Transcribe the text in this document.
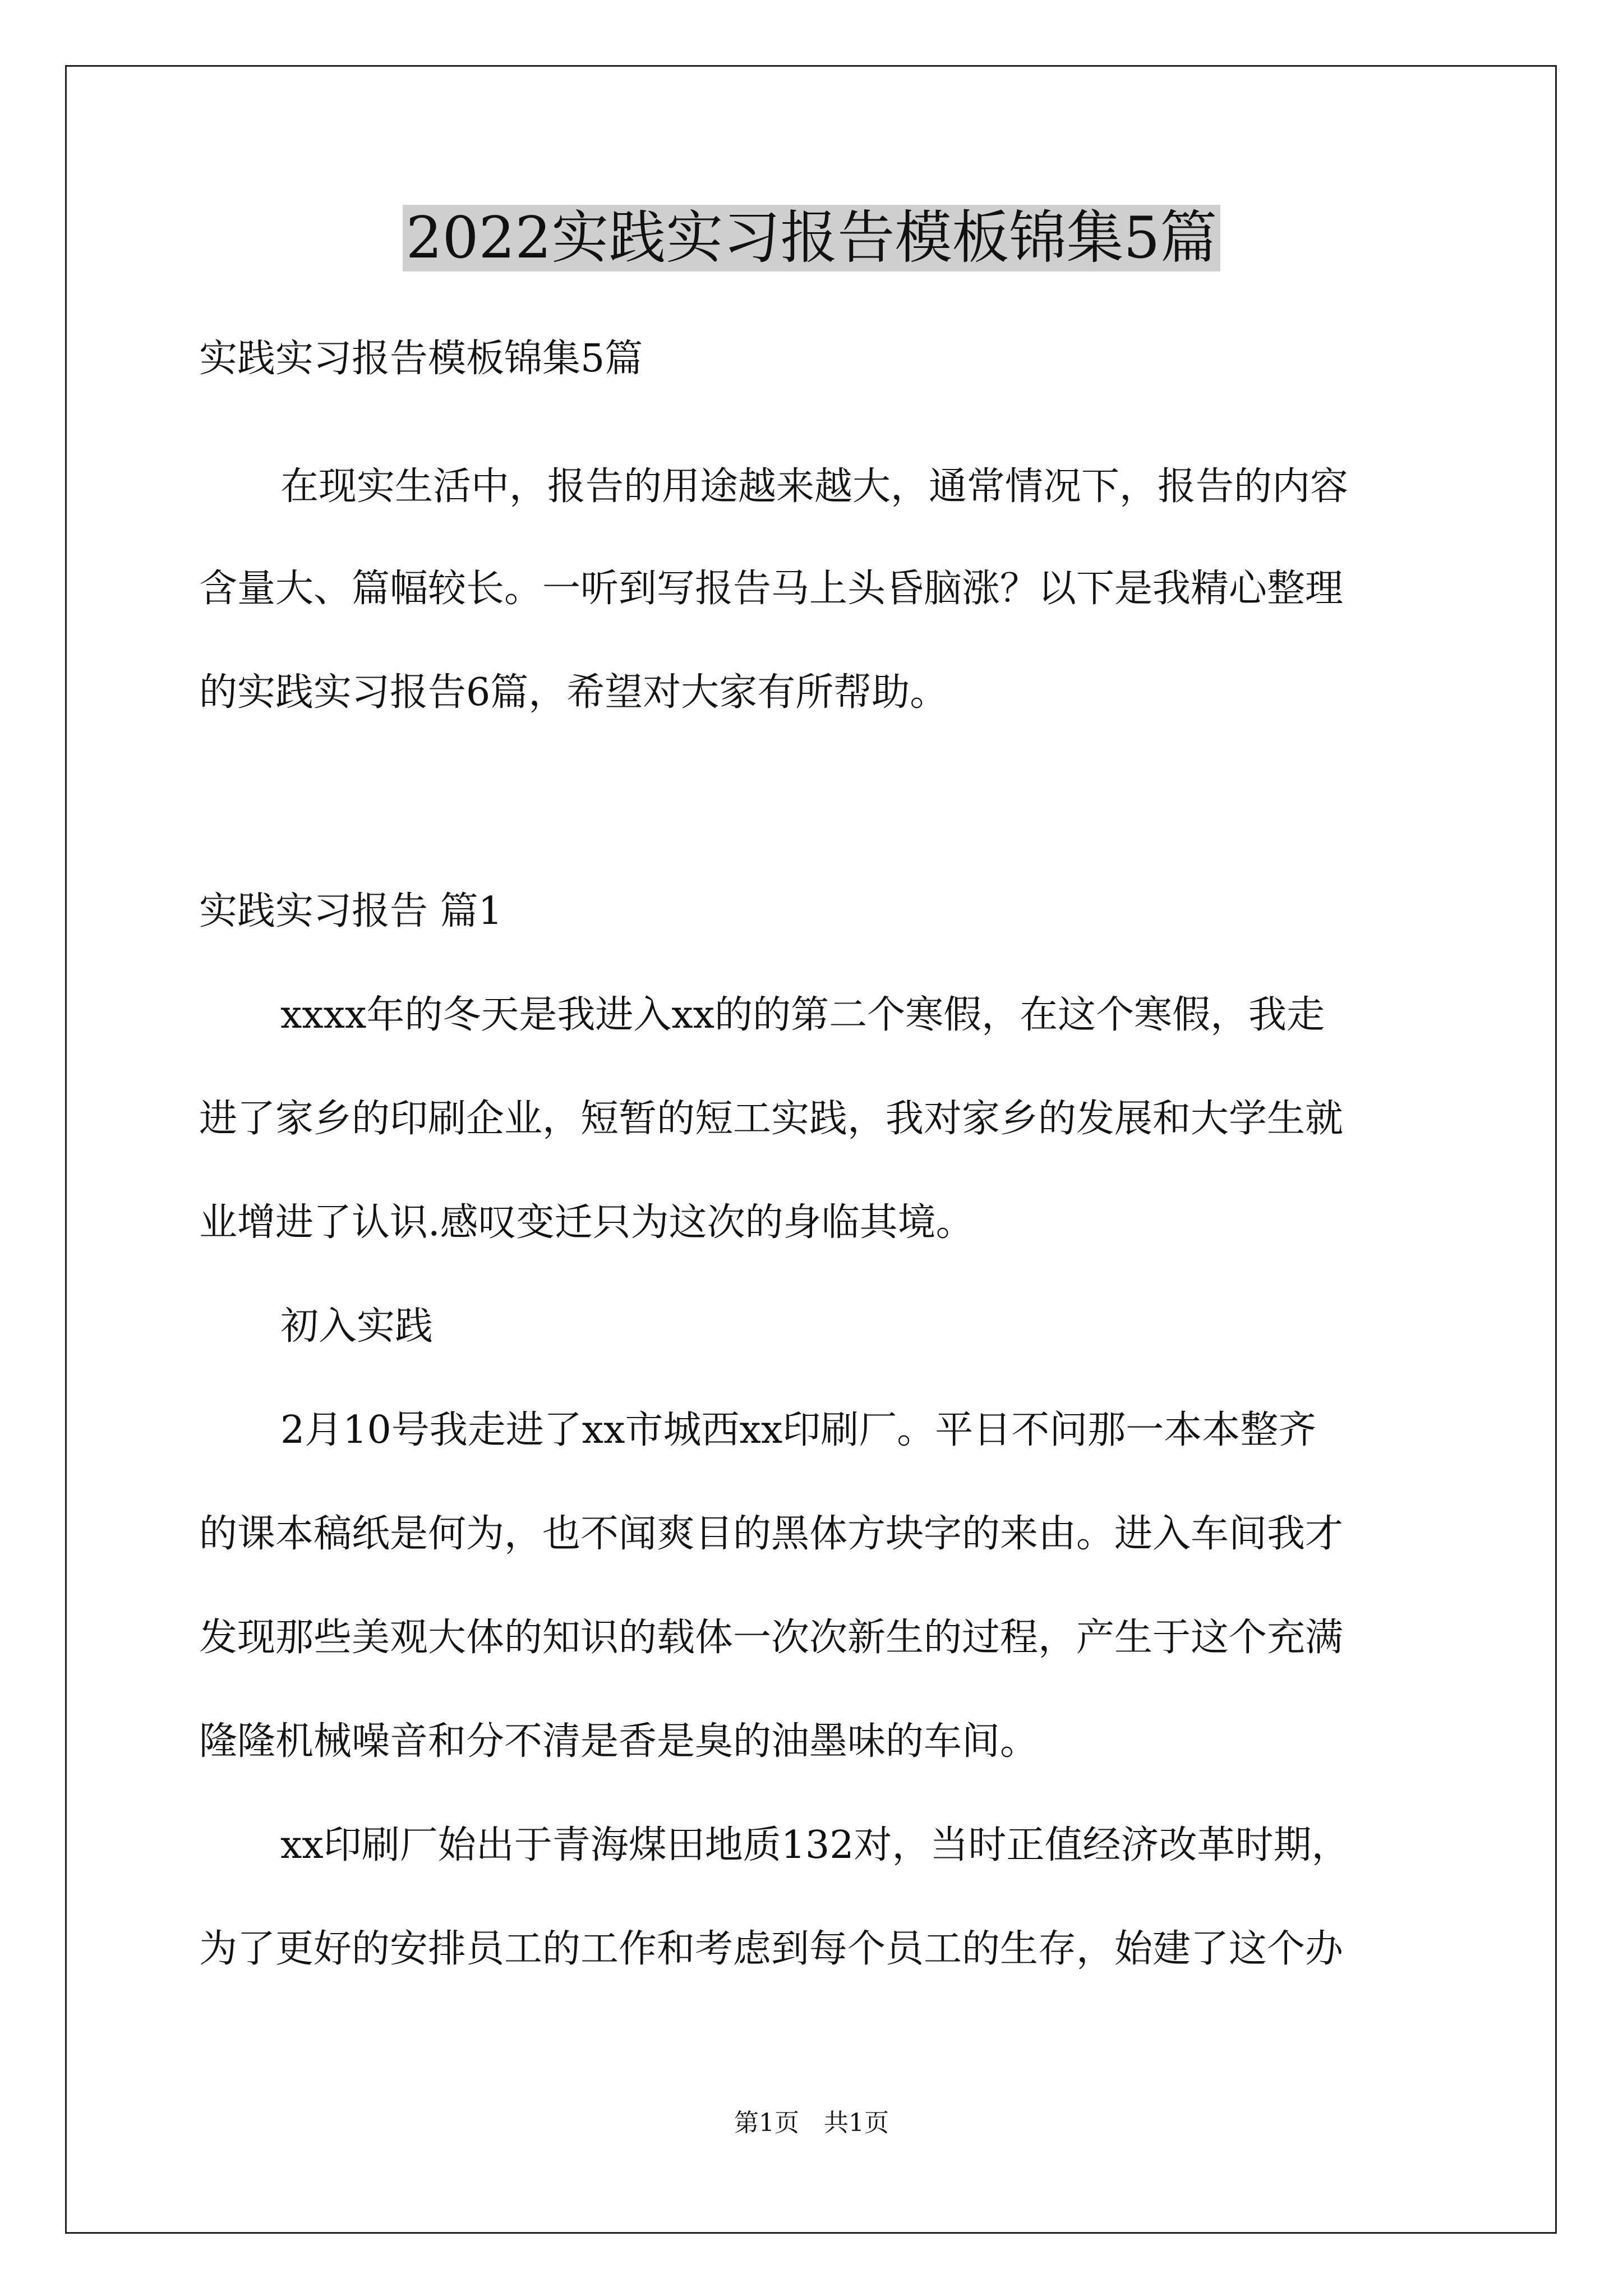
2022实践实习报告模板锦集5篇
实践实习报告模板锦集5篇
在现实生活中，报告的用途越来越大，通常情况下，报告的内容
含量大、篇幅较长。一听到写报告马上头昏脑涨？以下是我精心整理
的实践实习报告6篇，希望对大家有所帮助。
实践实习报告 篇1
xxxx年的冬天是我进入xx的的第二个寒假，在这个寒假，我走
进了家乡的印刷企业，短暂的短工实践，我对家乡的发展和大学生就
业增进了认识.感叹变迁只为这次的身临其境。
初入实践
2月10号我走进了xx市城西xx印刷厂。平日不问那一本本整齐
的课本稿纸是何为，也不闻爽目的黑体方块字的来由。进入车间我才
发现那些美观大体的知识的载体一次次新生的过程，产生于这个充满
隆隆机械噪音和分不清是香是臭的油墨味的车间。
xx印刷厂始出于青海煤田地质132对，当时正值经济改革时期，
为了更好的安排员工的工作和考虑到每个员工的生存，始建了这个办
第1页　共1页
